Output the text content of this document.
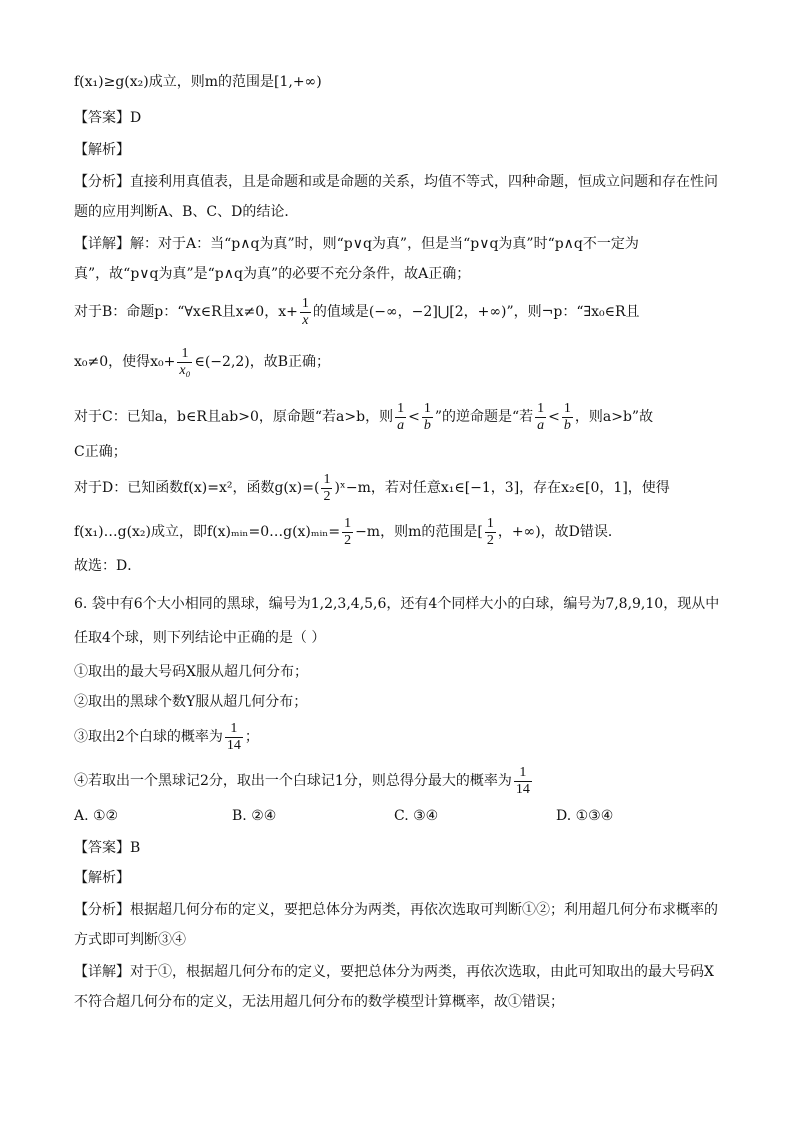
f(x₁)≥g(x₂)成立，则m的范围是[1,+∞)
【答案】D
【解析】
【分析】直接利用真值表，且是命题和或是命题的关系，均值不等式，四种命题，恒成立问题和存在性问
题的应用判断A、B、C、D的结论．
【详解】解：对于A：当“p∧q为真”时，则“p∨q为真”，但是当“p∨q为真”时“p∧q不一定为
真”，故“p∨q为真”是“p∧q为真”的必要不充分条件，故A正确；
对于B：命题p：“∀x∈R且x≠0，$x+ \frac{1}{x}$ 的值域是(−∞，−2]⋃[2，+∞)”，则¬p：“∃x₀∈R且
x₀≠0，使得$x_0+ \frac{1}{\text{x₀}}$ ∈(−2,2)，故B正确；
对于C：已知a，b∈R且ab>0，原命题“若a>b，则 $\frac{1}{a} < \frac{1}{b}$ ”的逆命题是“若 $\frac{1}{a} < \frac{1}{b}$ ，则a>b”故
C正确；
对于D：已知函数f(x)=x²，函数$g(x)=( \frac{1}{2}$ )ˣ−m，若对任意x₁∈[−1，3]，存在x₂∈[0，1]，使得
f(x₁)…g(x₂)成立，即f(x)ₘᵢₙ=0…g(x)ₘᵢₙ= $\frac{1}{2} -m$，则m的范围是[ $\frac{1}{2}$ ，+∞)，故D错误．
故选：D．
6. 袋中有6个大小相同的黑球，编号为1,2,3,4,5,6，还有4个同样大小的白球，编号为7,8,9,10，现从中
任取4个球，则下列结论中正确的是（ ）
①取出的最大号码X服从超几何分布；
②取出的黑球个数Y服从超几何分布；
③取出2个白球的概率为 $\frac{1}{14}$ ；
④若取出一个黑球记2分，取出一个白球记1分，则总得分最大的概率为 $\frac{1}{14}$
A. ①②	B. ②④	C. ③④	D. ①③④
【答案】B
【解析】
【分析】根据超几何分布的定义，要把总体分为两类，再依次选取可判断①②；利用超几何分布求概率的
方式即可判断③④
【详解】对于①，根据超几何分布的定义，要把总体分为两类，再依次选取，由此可知取出的最大号码X
不符合超几何分布的定义，无法用超几何分布的数学模型计算概率，故①错误；
